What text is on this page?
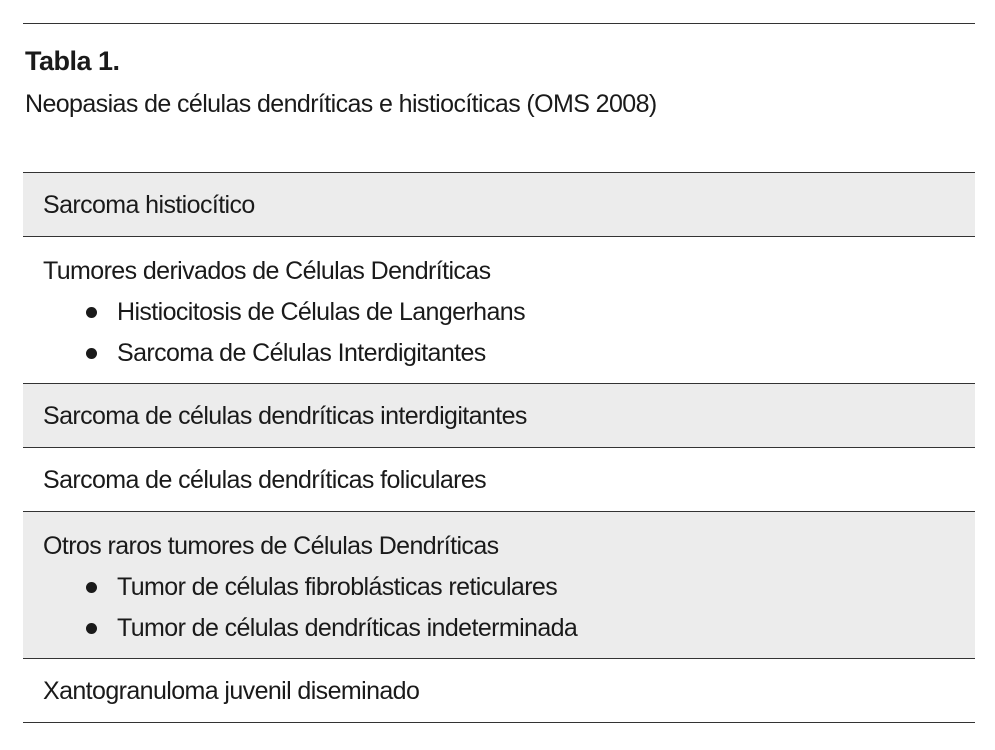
Tabla 1.
Neopasias de células dendríticas e histiocíticas (OMS 2008)
Sarcoma histiocítico
Tumores derivados de Células Dendríticas
Histiocitosis de Células de Langerhans
Sarcoma de Células Interdigitantes
Sarcoma de células dendríticas interdigitantes
Sarcoma de células dendríticas foliculares
Otros raros tumores de Células Dendríticas
Tumor de células fibroblásticas reticulares
Tumor de células dendríticas indeterminada
Xantogranuloma juvenil diseminado
